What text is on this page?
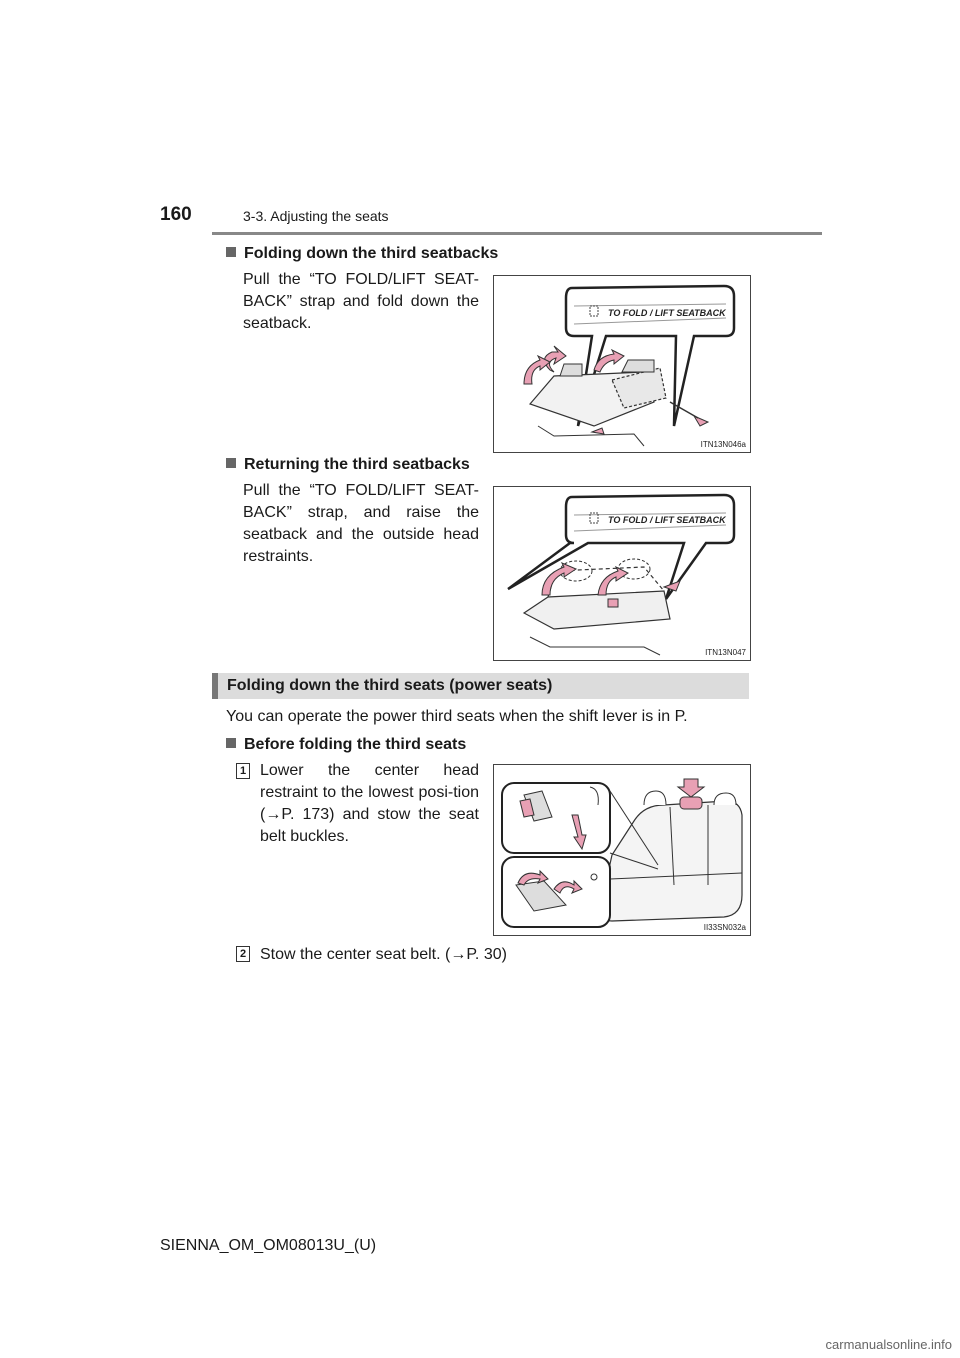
160	3-3. Adjusting the seats
Folding down the third seatbacks
Pull the “TO FOLD/LIFT SEAT-BACK” strap and fold down the seatback.
TO FOLD / LIFT SEATBACK
ITN13N046a
Returning the third seatbacks
Pull the “TO FOLD/LIFT SEAT-BACK” strap, and raise the seatback and the outside head restraints.
TO FOLD / LIFT SEATBACK
ITN13N047
Folding down the third seats (power seats)
You can operate the power third seats when the shift lever is in P.
Before folding the third seats
1 Lower the center head restraint to the lowest posi-tion (→P. 173) and stow the seat belt buckles.
II33SN032a
2 Stow the center seat belt. (→P. 30)
SIENNA_OM_OM08013U_(U)
carmanualsonline.info
